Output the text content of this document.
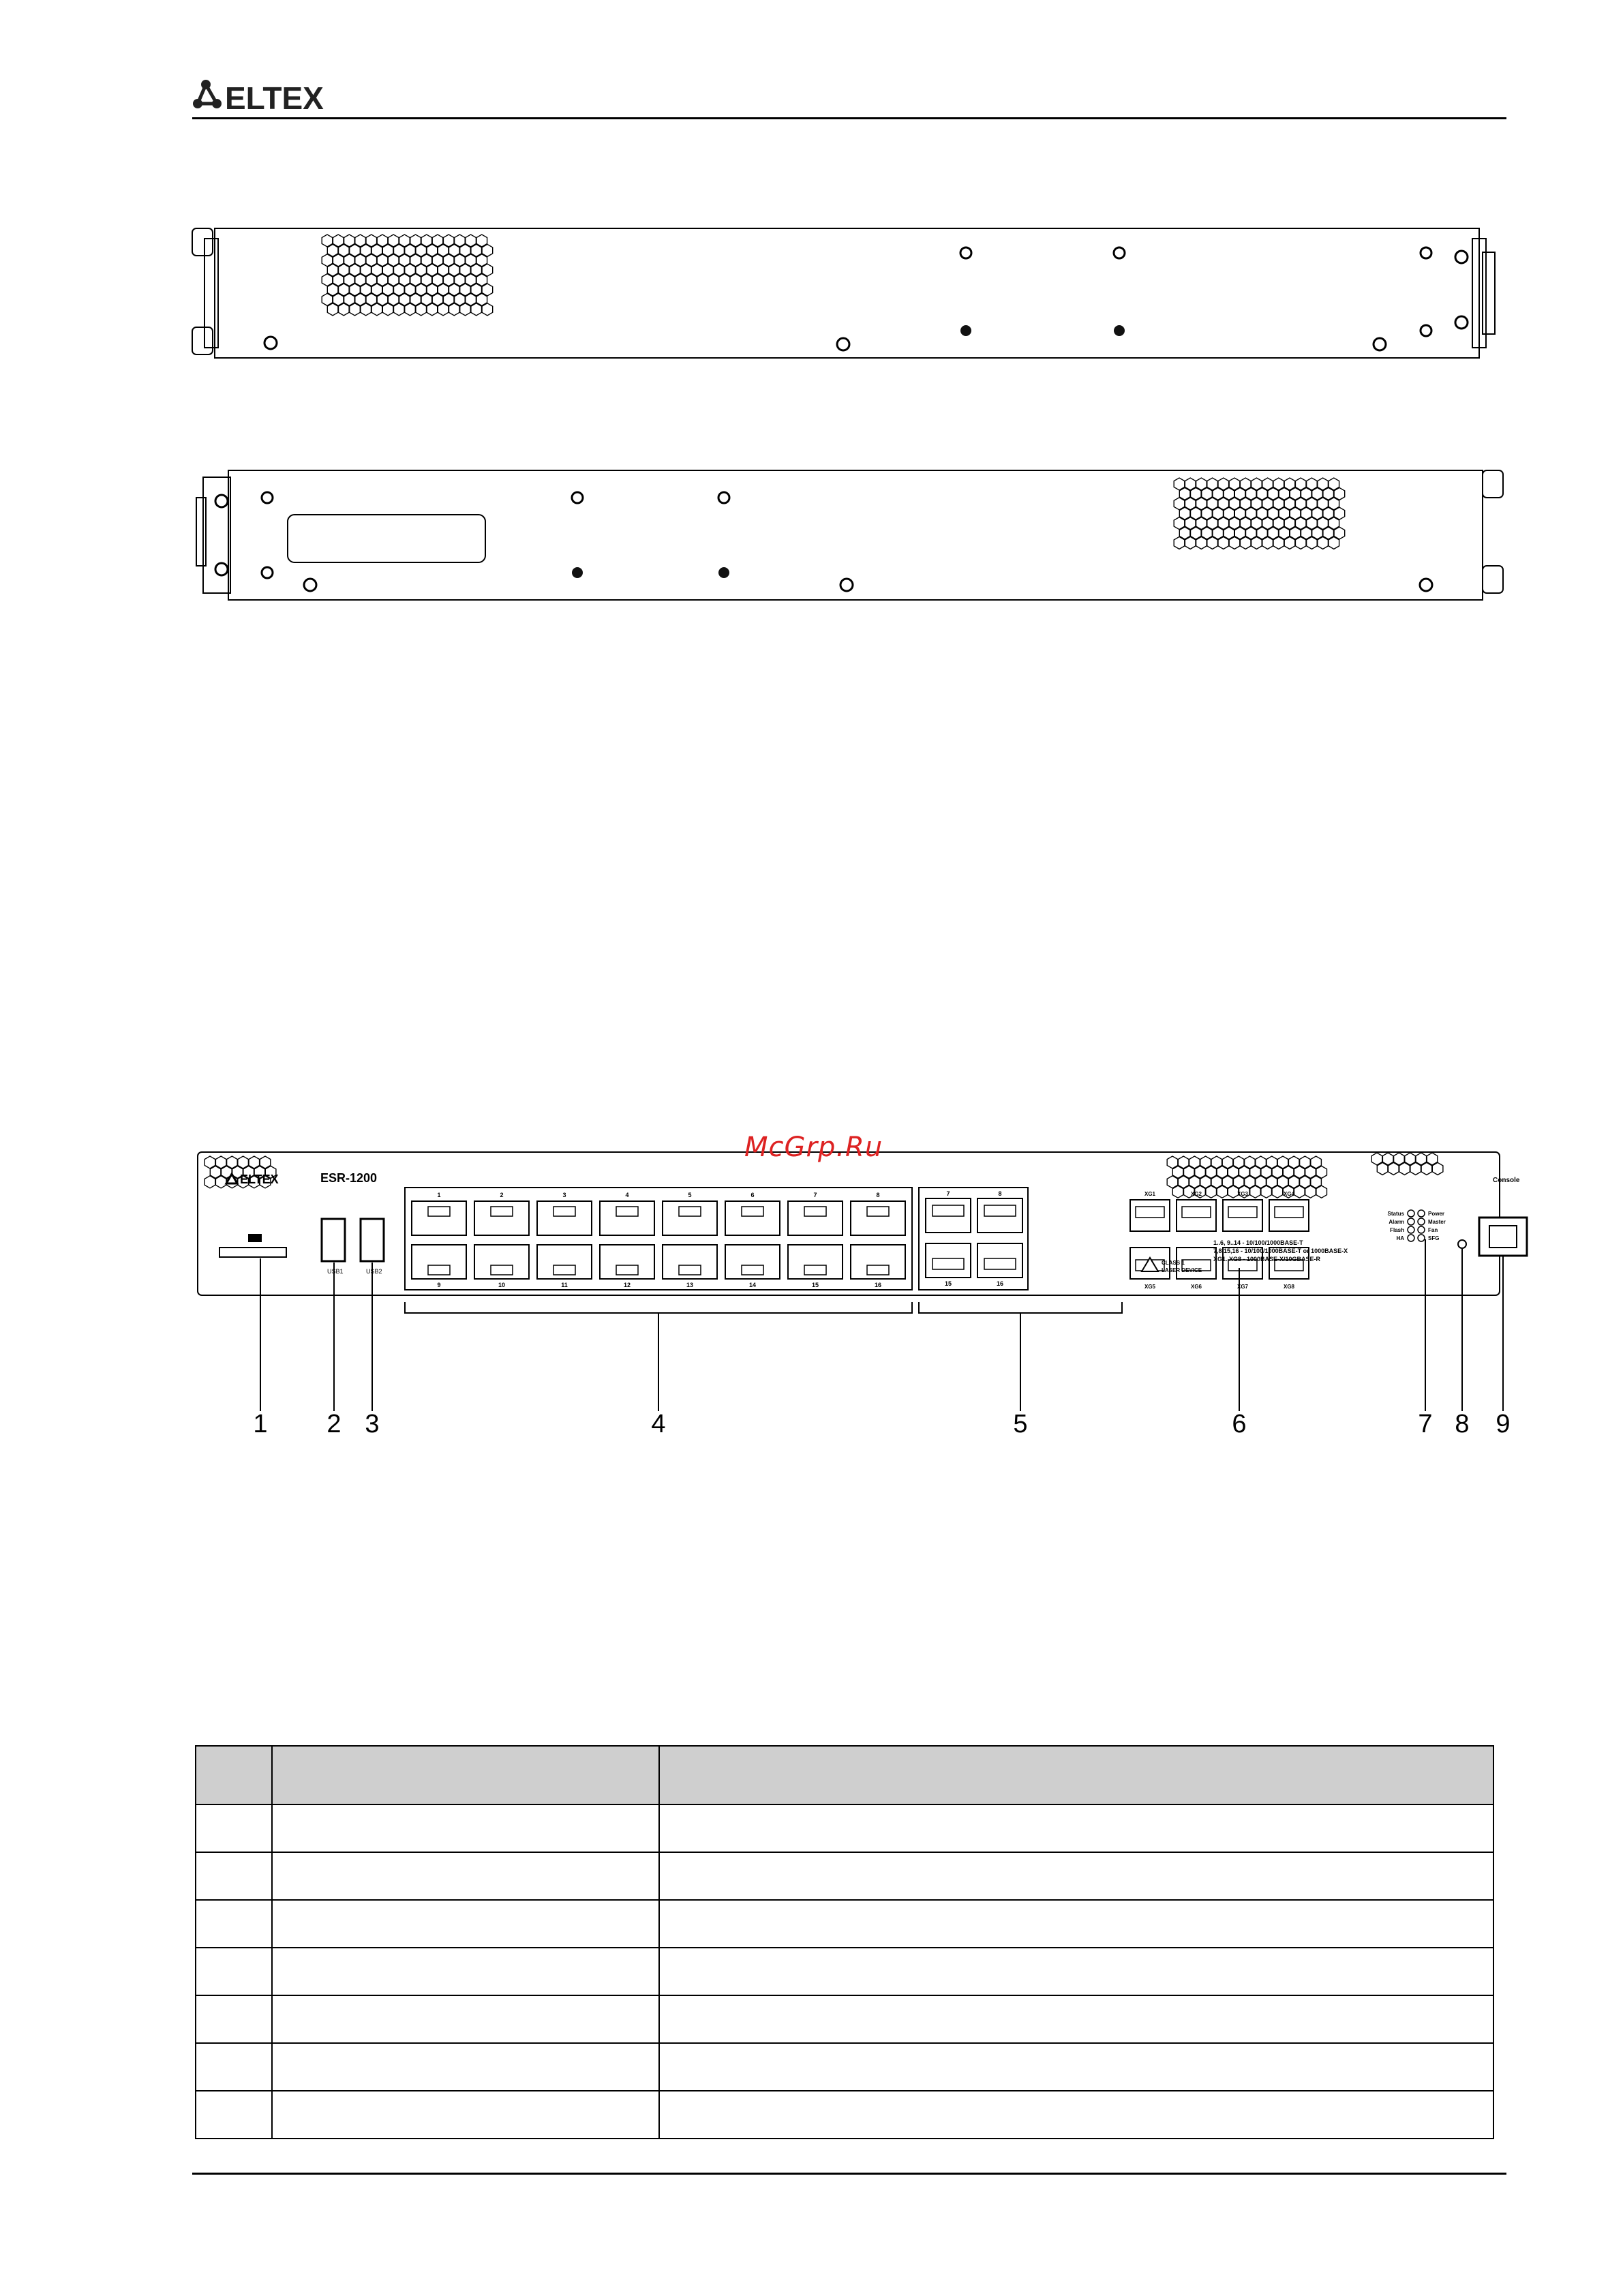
ELTEX
ELTEX	ESR-1200
USB1	USB2
1
9
2
10
3
11
4
12
5
13
6
14
7
15
8
16
7
15
8
16
XG1
XG5
XG2
XG6
XG3
XG7
XG4
XG8
CLASS 1
LASER DEVICE
1..6, 9..14 - 10/100/1000BASE-T
7,8,15,16 - 10/100/1000BASE-T or 1000BASE-X
XG1..XG8 - 1000BASE-X/10GBASE-R
Status	Power
Alarm	Master
Flash	Fan
HA	SFG
Console
McGrp.Ru
1 2 3	4	5	6	7 8 9
